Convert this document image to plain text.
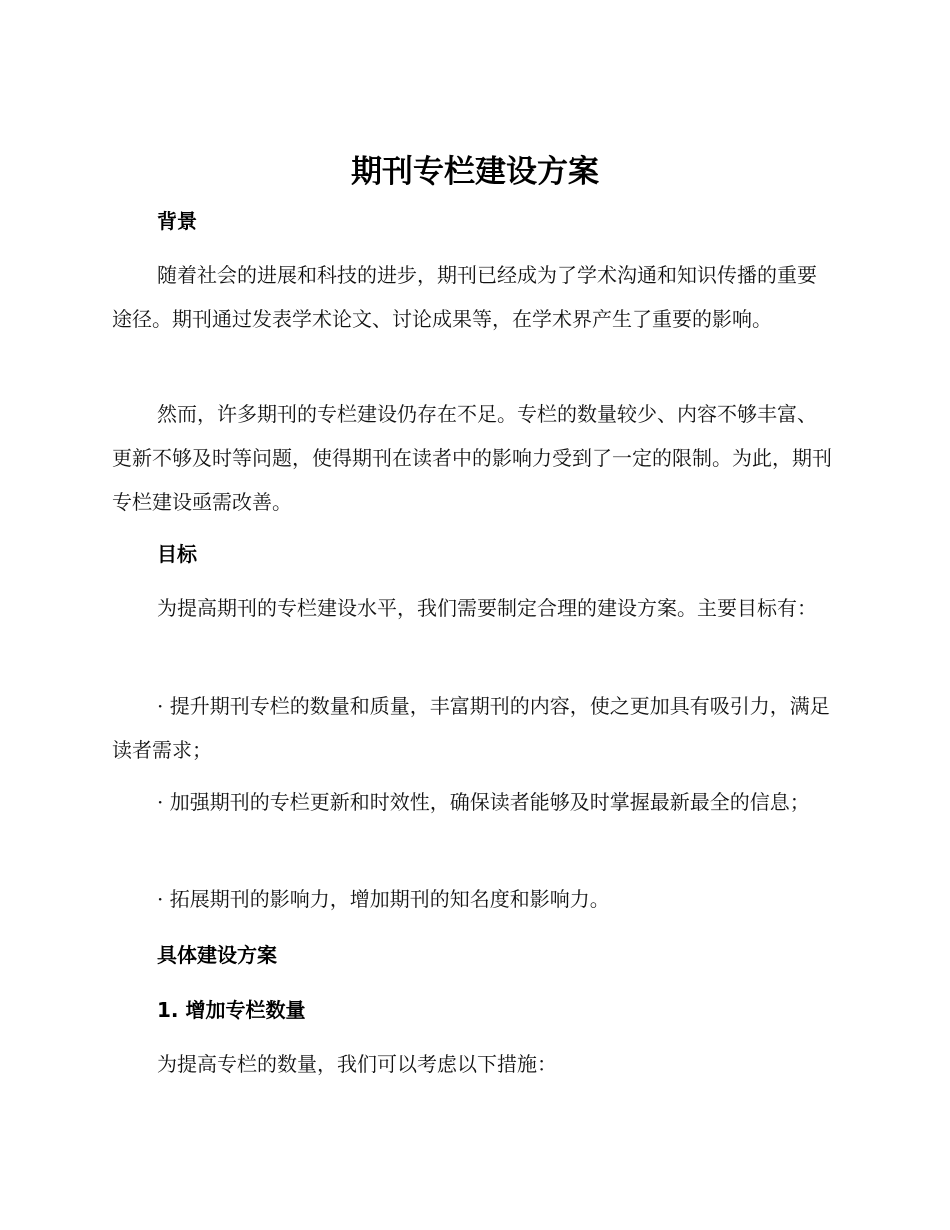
期刊专栏建设方案
背景

随着社会的进展和科技的进步，期刊已经成为了学术沟通和知识传播的重要途径。期刊通过发表学术论文、讨论成果等，在学术界产生了重要的影响。

然而，许多期刊的专栏建设仍存在不足。专栏的数量较少、内容不够丰富、更新不够及时等问题，使得期刊在读者中的影响力受到了一定的限制。为此，期刊专栏建设亟需改善。

目标

为提高期刊的专栏建设水平，我们需要制定合理的建设方案。主要目标有：

· 提升期刊专栏的数量和质量，丰富期刊的内容，使之更加具有吸引力，满足读者需求；

· 加强期刊的专栏更新和时效性，确保读者能够及时掌握最新最全的信息；

· 拓展期刊的影响力，增加期刊的知名度和影响力。

具体建设方案
1. 增加专栏数量

为提高专栏的数量，我们可以考虑以下措施：
